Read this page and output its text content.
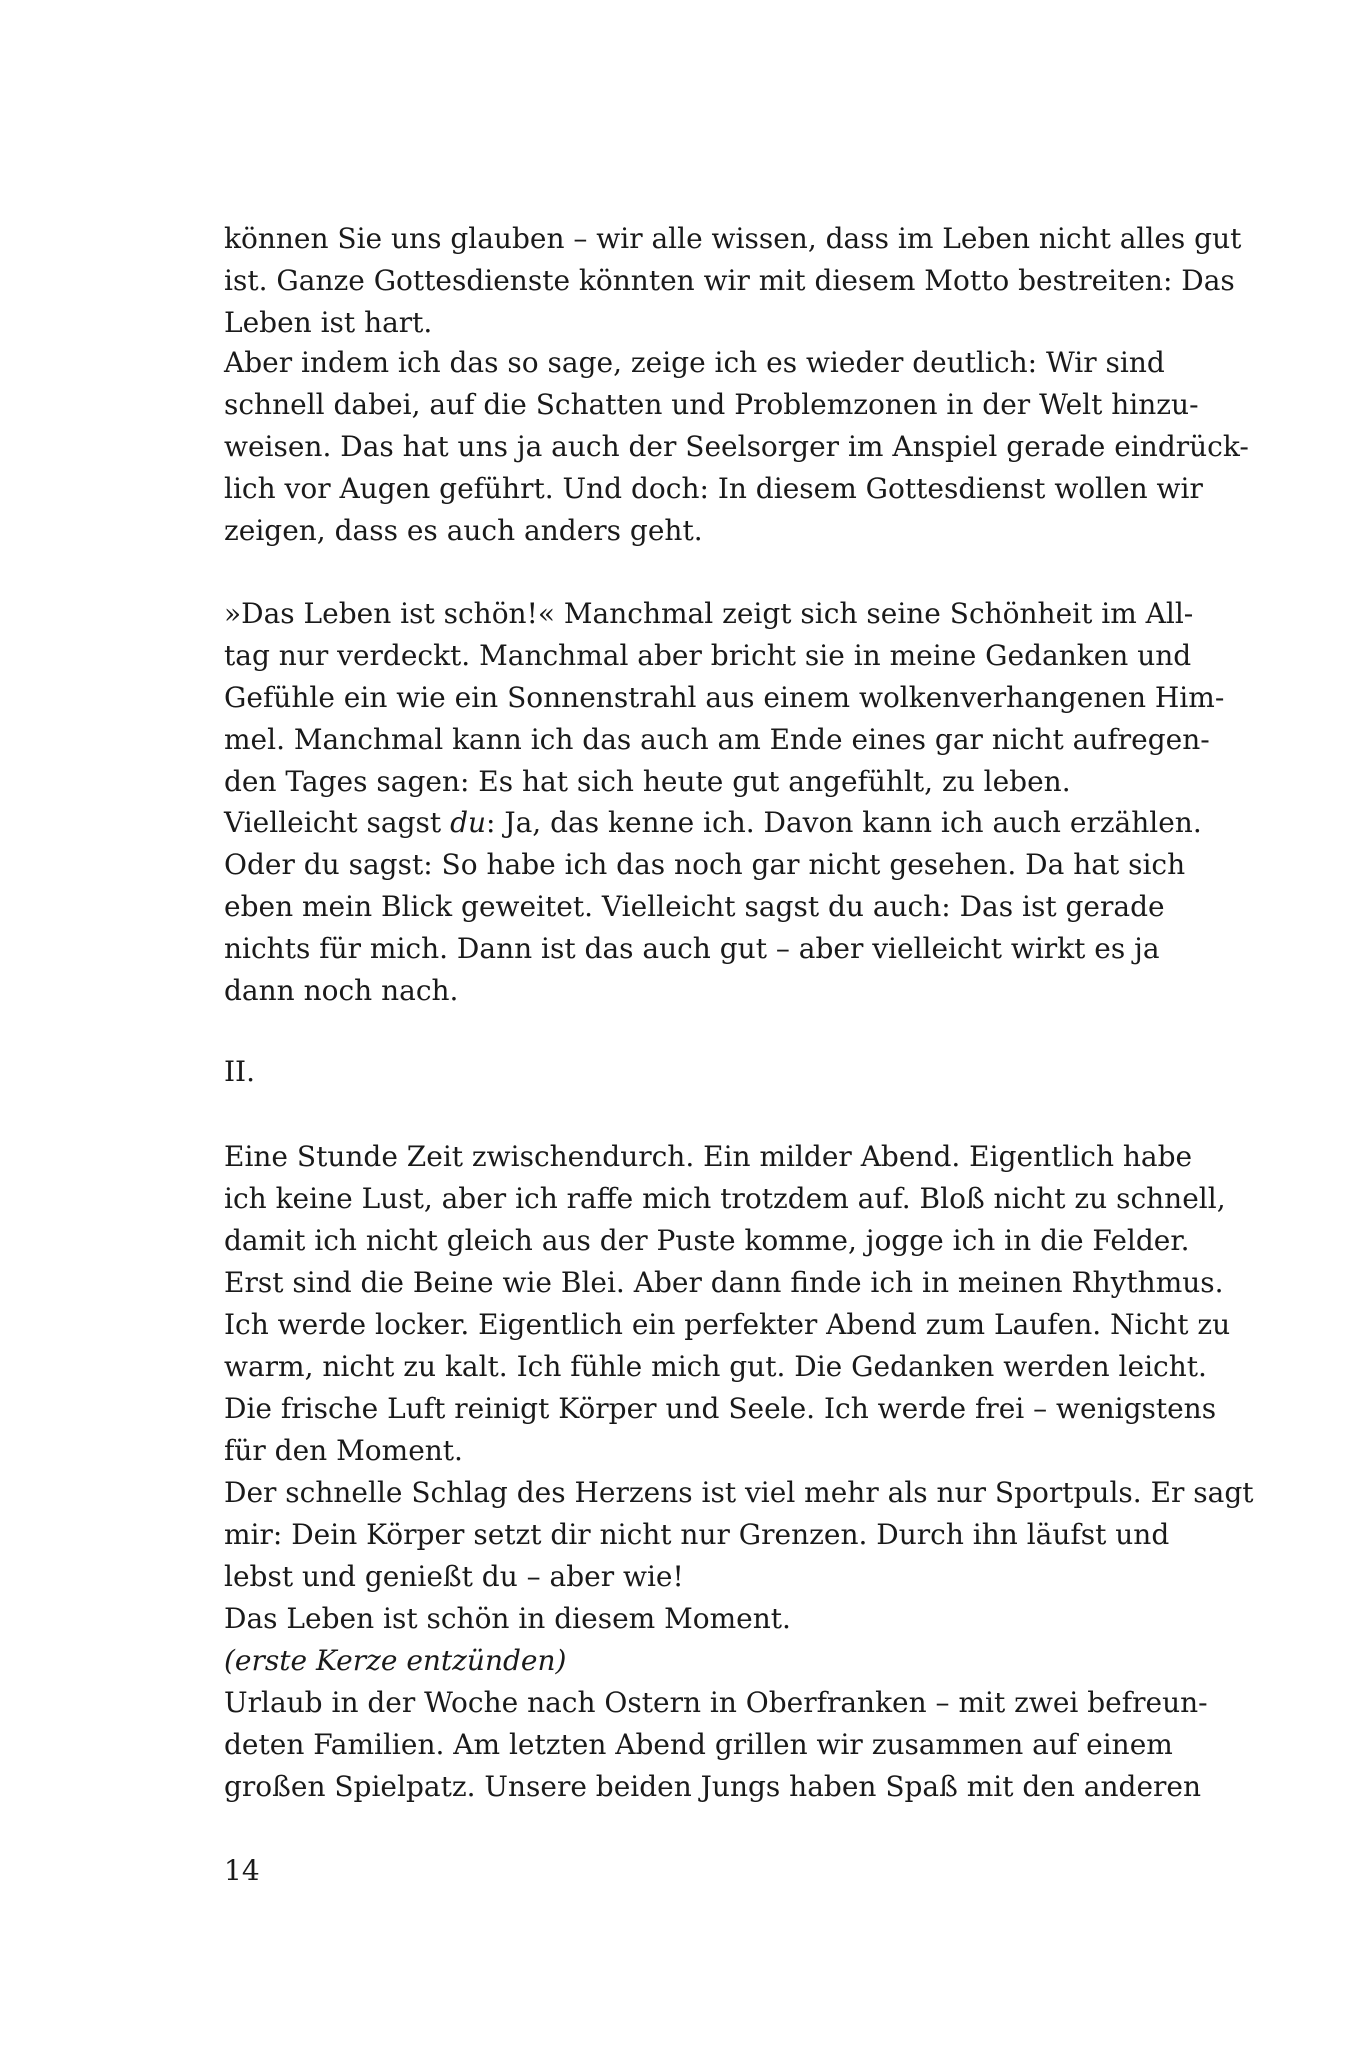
können Sie uns glauben – wir alle wissen, dass im Leben nicht alles gut
ist. Ganze Gottesdienste könnten wir mit diesem Motto bestreiten: Das
Leben ist hart.
Aber indem ich das so sage, zeige ich es wieder deutlich: Wir sind
schnell dabei, auf die Schatten und Problemzonen in der Welt hinzu-
weisen. Das hat uns ja auch der Seelsorger im Anspiel gerade eindrück-
lich vor Augen geführt. Und doch: In diesem Gottesdienst wollen wir
zeigen, dass es auch anders geht.
»Das Leben ist schön!« Manchmal zeigt sich seine Schönheit im All-
tag nur verdeckt. Manchmal aber bricht sie in meine Gedanken und
Gefühle ein wie ein Sonnenstrahl aus einem wolkenverhangenen Him-
mel. Manchmal kann ich das auch am Ende eines gar nicht aufregen-
den Tages sagen: Es hat sich heute gut angefühlt, zu leben.
Vielleicht sagst du: Ja, das kenne ich. Davon kann ich auch erzählen.
Oder du sagst: So habe ich das noch gar nicht gesehen. Da hat sich
eben mein Blick geweitet. Vielleicht sagst du auch: Das ist gerade
nichts für mich. Dann ist das auch gut – aber vielleicht wirkt es ja
dann noch nach.
II.
Eine Stunde Zeit zwischendurch. Ein milder Abend. Eigentlich habe
ich keine Lust, aber ich raffe mich trotzdem auf. Bloß nicht zu schnell,
damit ich nicht gleich aus der Puste komme, jogge ich in die Felder.
Erst sind die Beine wie Blei. Aber dann finde ich in meinen Rhythmus.
Ich werde locker. Eigentlich ein perfekter Abend zum Laufen. Nicht zu
warm, nicht zu kalt. Ich fühle mich gut. Die Gedanken werden leicht.
Die frische Luft reinigt Körper und Seele. Ich werde frei – wenigstens
für den Moment.
Der schnelle Schlag des Herzens ist viel mehr als nur Sportpuls. Er sagt
mir: Dein Körper setzt dir nicht nur Grenzen. Durch ihn läufst und
lebst und genießt du – aber wie!
Das Leben ist schön in diesem Moment.
(erste Kerze entzünden)
Urlaub in der Woche nach Ostern in Oberfranken – mit zwei befreun-
deten Familien. Am letzten Abend grillen wir zusammen auf einem
großen Spielpatz. Unsere beiden Jungs haben Spaß mit den anderen
14
